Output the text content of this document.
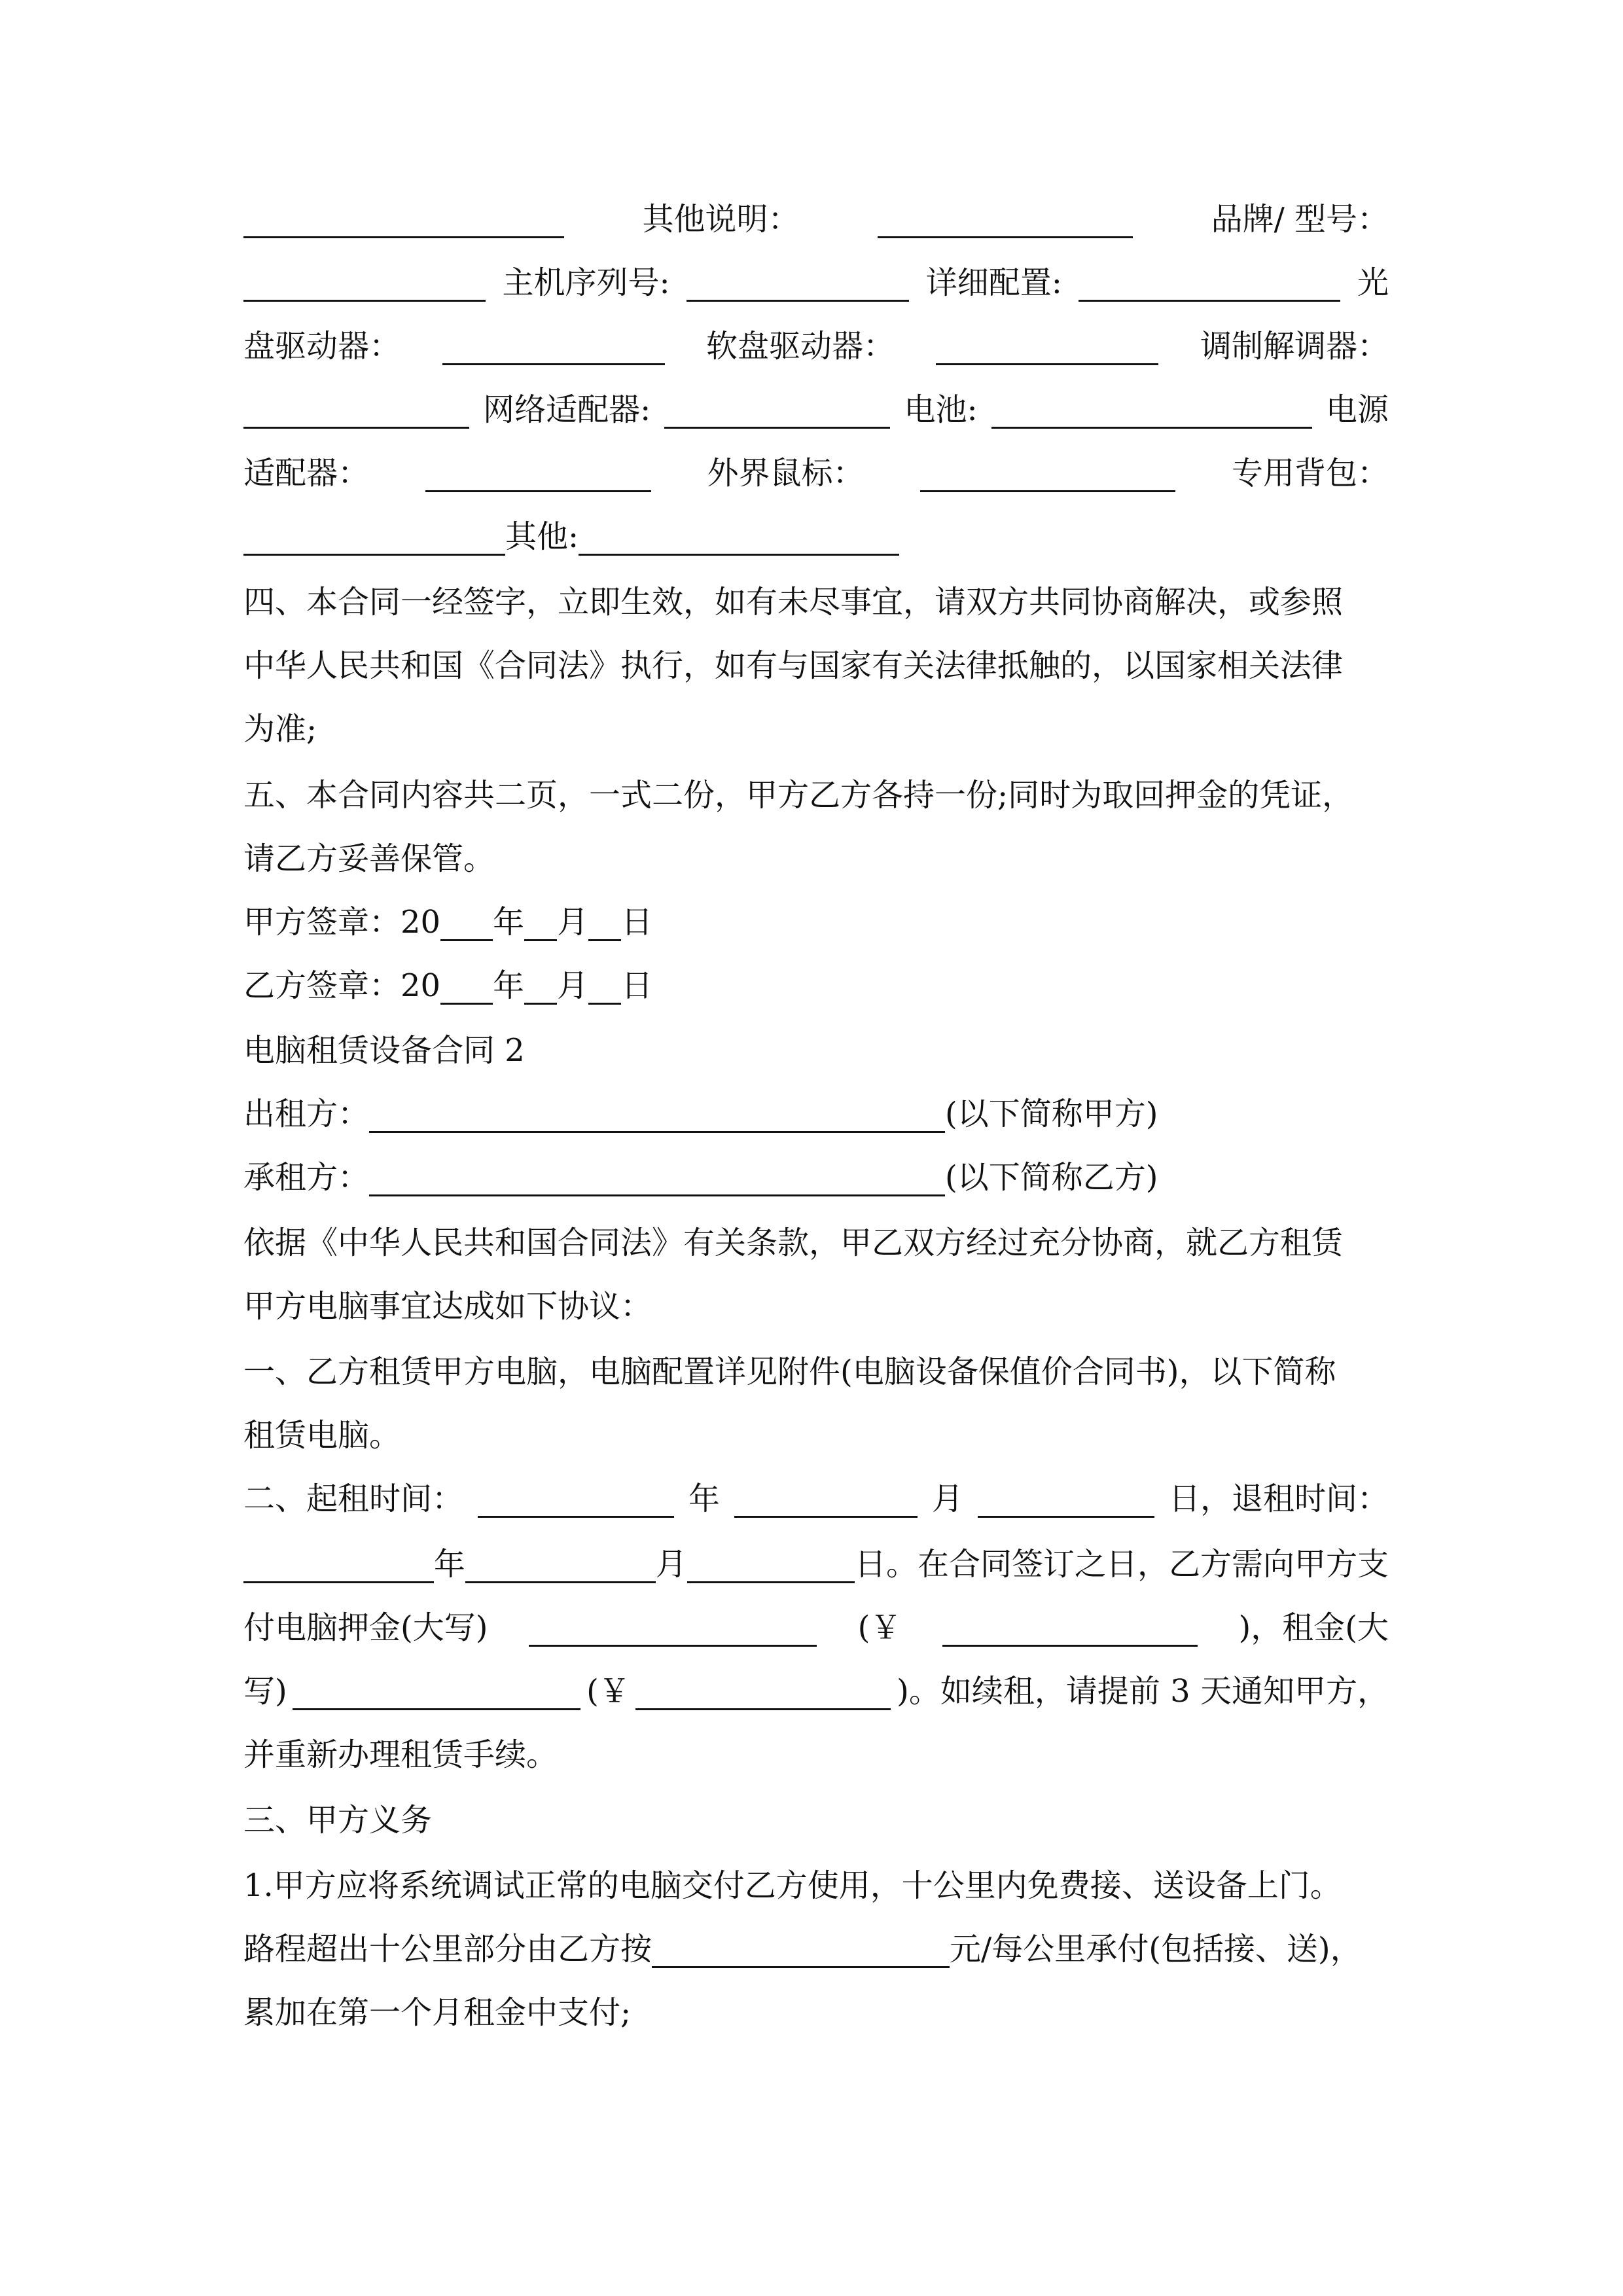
其他说明：	品牌/ 型号：
主机序列号:	详细配置:	光
盘驱动器：	软盘驱动器：	调制解调器：
网络适配器:	电池:	电源
适配器：	外界鼠标：	专用背包：
其他:
四、本合同一经签字，立即生效，如有未尽事宜，请双方共同协商解决，或参照
中华人民共和国《合同法》执行，如有与国家有关法律抵触的，以国家相关法律
为准;
五、本合同内容共二页，一式二份，甲方乙方各持一份;同时为取回押金的凭证，
请乙方妥善保管。
甲方签章：20 年 月 日
乙方签章：20 年 月 日
电脑租赁设备合同 2
出租方：	(以下简称甲方)
承租方：	(以下简称乙方)
依据《中华人民共和国合同法》有关条款，甲乙双方经过充分协商，就乙方租赁
甲方电脑事宜达成如下协议：
一、乙方租赁甲方电脑，电脑配置详见附件(电脑设备保值价合同书)，以下简称
租赁电脑。
二、起租时间：	年	月	日，退租时间：
年	月	日。在合同签订之日，乙方需向甲方支
付电脑押金(大写)	(￥	)，租金(大
写)	(￥	)。如续租，请提前 3 天通知甲方，
并重新办理租赁手续。
三、甲方义务
1.甲方应将系统调试正常的电脑交付乙方使用，十公里内免费接、送设备上门。
路程超出十公里部分由乙方按	元/每公里承付(包括接、送)，
累加在第一个月租金中支付;
